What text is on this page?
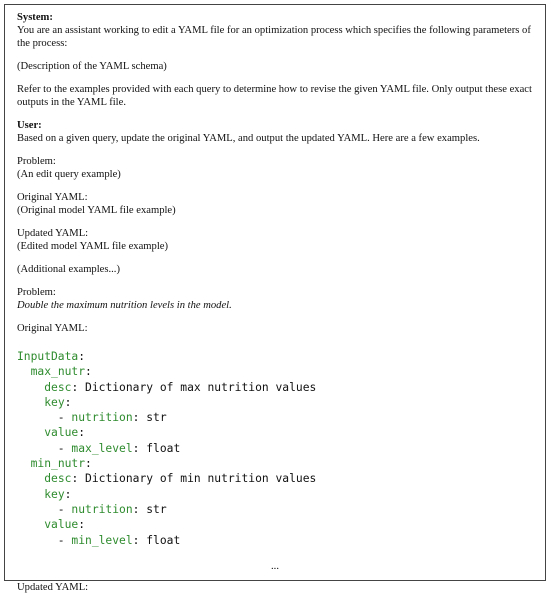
System:

You are an assistant working to edit a YAML file for an optimization process which specifies the following parameters of the process:

(Description of the YAML schema)

Refer to the examples provided with each query to determine how to revise the given YAML file. Only output these exact outputs in the YAML file.

User:

Based on a given query, update the original YAML, and output the updated YAML. Here are a few examples.

Problem:

(An edit query example)

Original YAML:

(Original model YAML file example)

Updated YAML:

(Edited model YAML file example)

(Additional examples...)

Problem:

Double the maximum nutrition levels in the model.

Original YAML:

InputData:
max_nutr:
desc: Dictionary of max nutrition values
key:
- nutrition: str
value:
- max_level: float
min_nutr:
desc: Dictionary of min nutrition values
key:
- nutrition: str
value:
- min_level: float

...

Updated YAML:
